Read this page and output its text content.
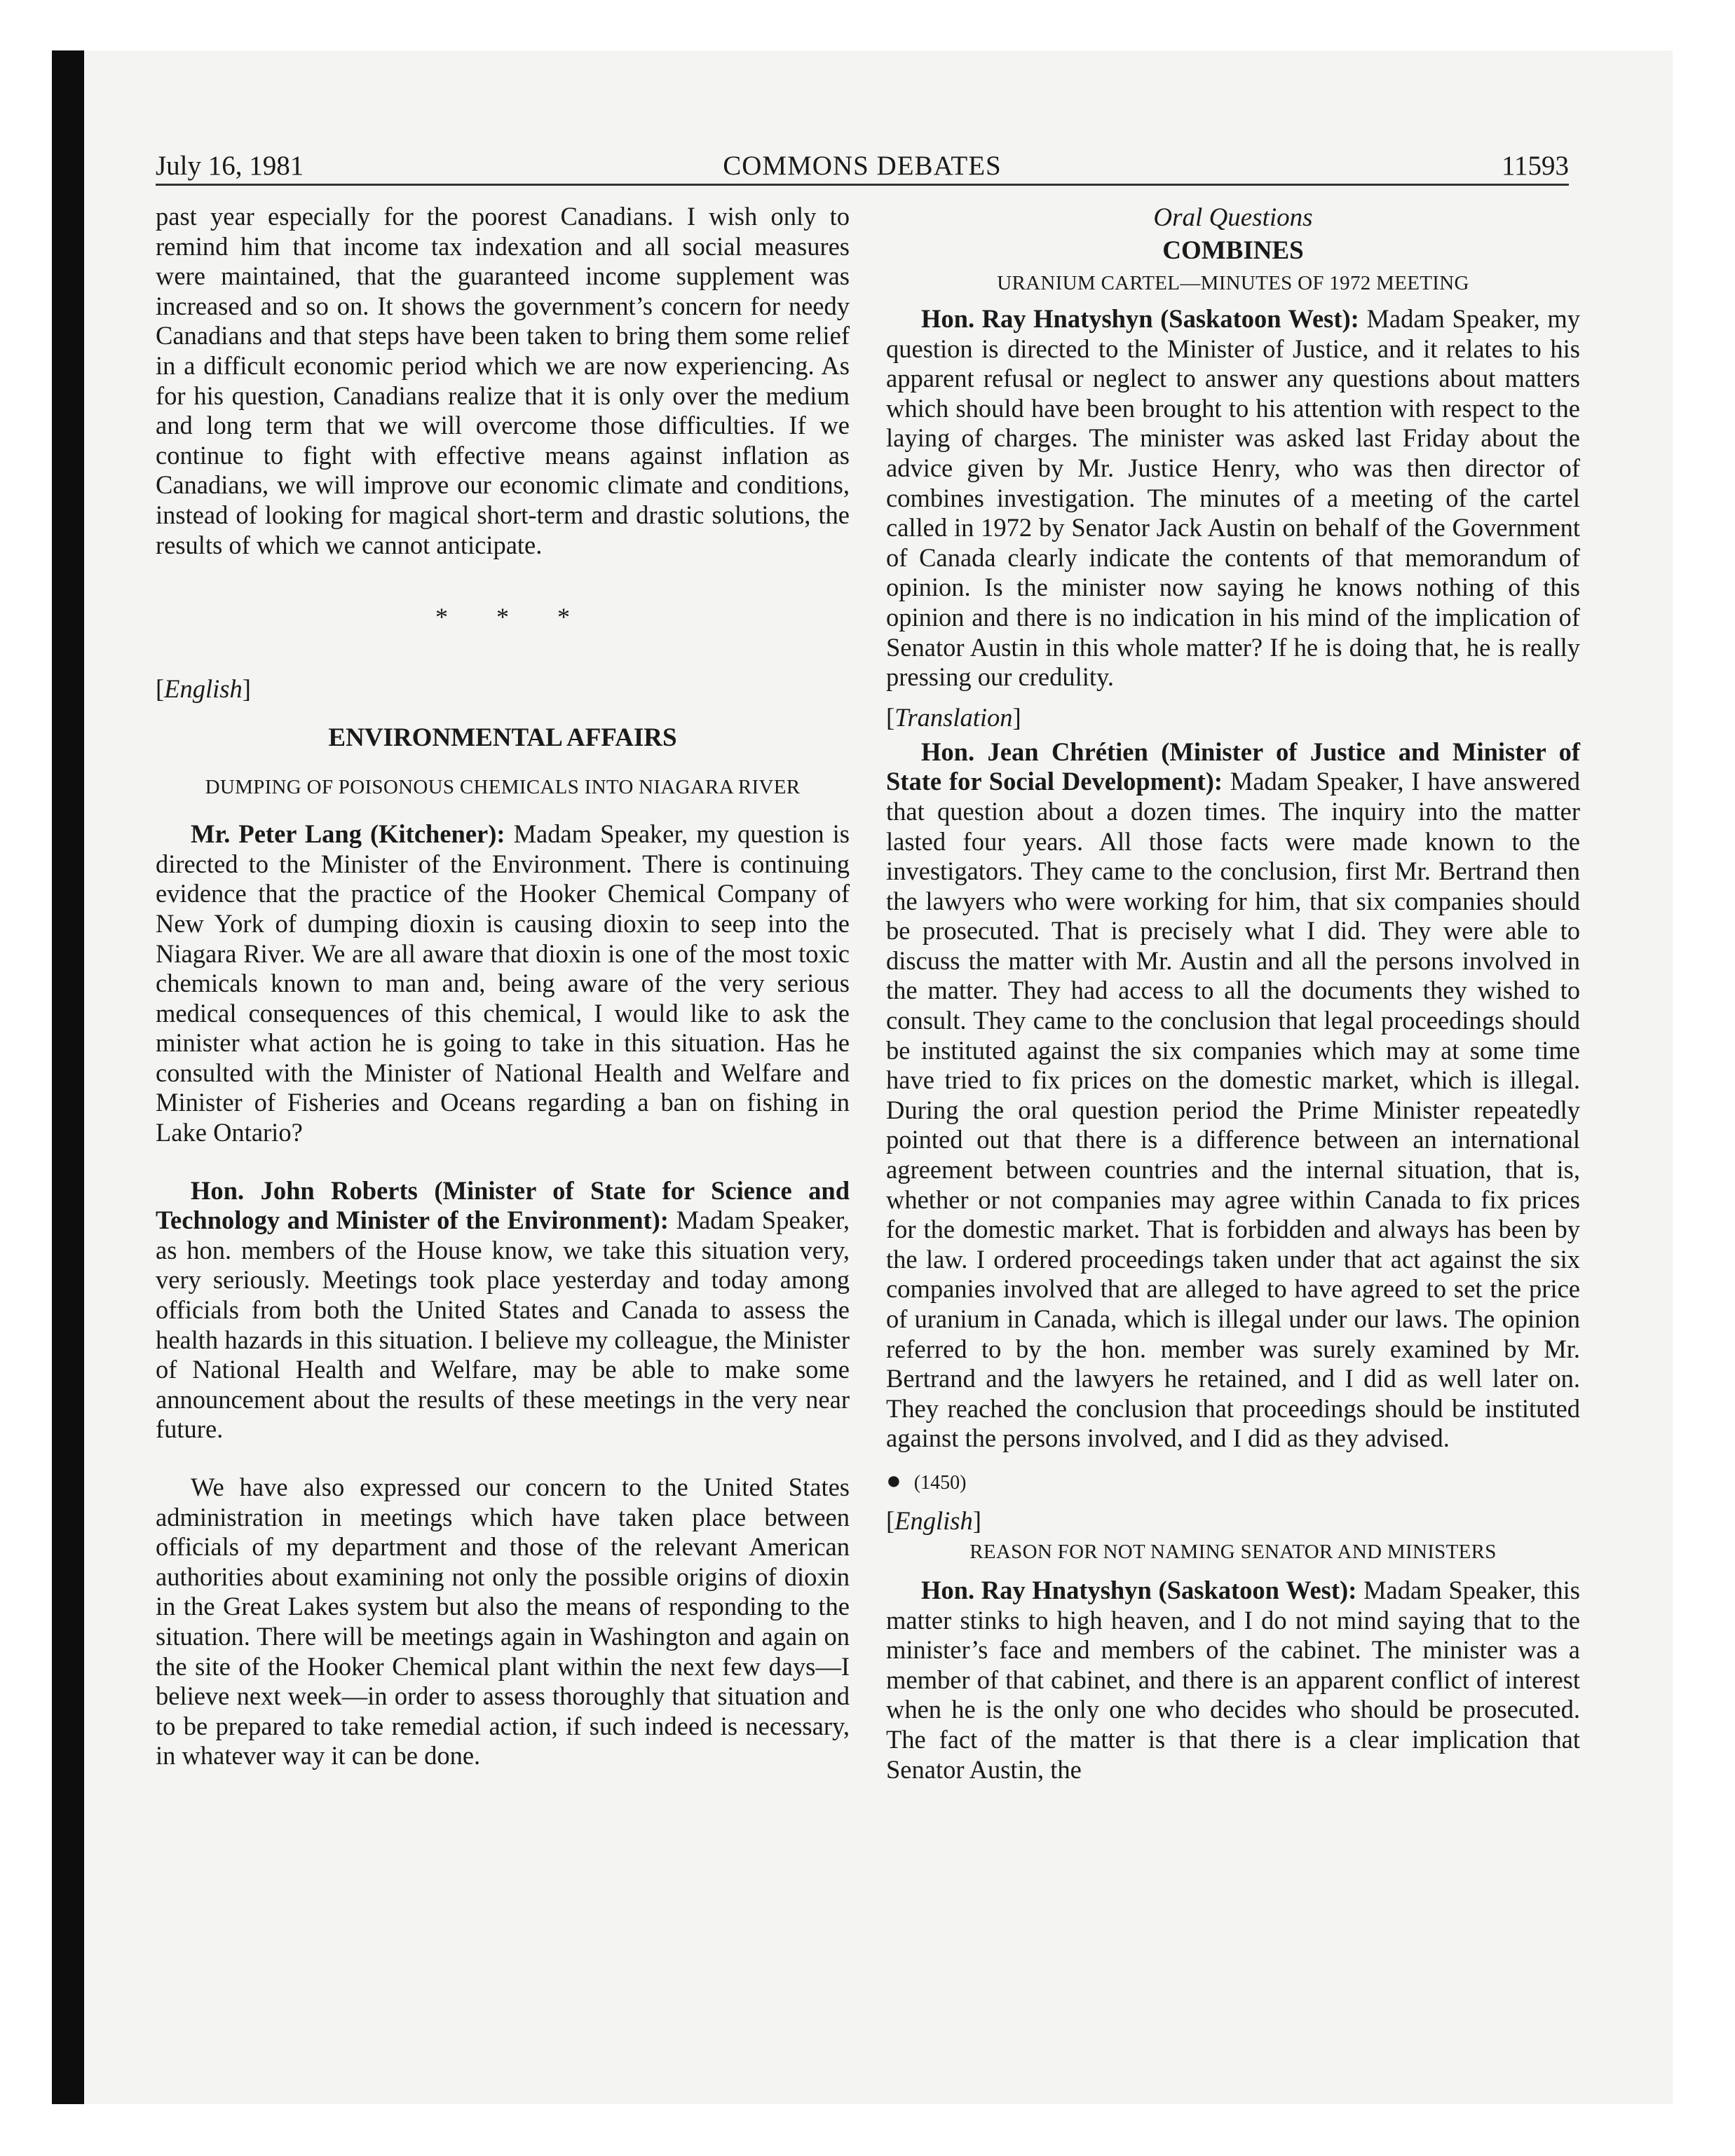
July 16, 1981	COMMONS DEBATES	11593

past year especially for the poorest Canadians. I wish only to remind him that income tax indexation and all social measures were maintained, that the guaranteed income supplement was increased and so on. It shows the government’s concern for needy Canadians and that steps have been taken to bring them some relief in a difficult economic period which we are now experiencing. As for his question, Canadians realize that it is only over the medium and long term that we will overcome those difficulties. If we continue to fight with effective means against inflation as Canadians, we will improve our economic climate and conditions, instead of looking for magical short-term and drastic solutions, the results of which we cannot anticipate.

* * *
[English]
ENVIRONMENTAL AFFAIRS
DUMPING OF POISONOUS CHEMICALS INTO NIAGARA RIVER

Mr. Peter Lang (Kitchener): Madam Speaker, my question is directed to the Minister of the Environment. There is continuing evidence that the practice of the Hooker Chemical Company of New York of dumping dioxin is causing dioxin to seep into the Niagara River. We are all aware that dioxin is one of the most toxic chemicals known to man and, being aware of the very serious medical consequences of this chemical, I would like to ask the minister what action he is going to take in this situation. Has he consulted with the Minister of National Health and Welfare and Minister of Fisheries and Oceans regarding a ban on fishing in Lake Ontario?

Hon. John Roberts (Minister of State for Science and Technology and Minister of the Environment): Madam Speaker, as hon. members of the House know, we take this situation very, very seriously. Meetings took place yesterday and today among officials from both the United States and Canada to assess the health hazards in this situation. I believe my colleague, the Minister of National Health and Welfare, may be able to make some announcement about the results of these meetings in the very near future.

We have also expressed our concern to the United States administration in meetings which have taken place between officials of my department and those of the relevant American authorities about examining not only the possible origins of dioxin in the Great Lakes system but also the means of responding to the situation. There will be meetings again in Washington and again on the site of the Hooker Chemical plant within the next few days—I believe next week—in order to assess thoroughly that situation and to be prepared to take remedial action, if such indeed is necessary, in whatever way it can be done.

Oral Questions
COMBINES
URANIUM CARTEL—MINUTES OF 1972 MEETING

Hon. Ray Hnatyshyn (Saskatoon West): Madam Speaker, my question is directed to the Minister of Justice, and it relates to his apparent refusal or neglect to answer any questions about matters which should have been brought to his attention with respect to the laying of charges. The minister was asked last Friday about the advice given by Mr. Justice Henry, who was then director of combines investigation. The minutes of a meeting of the cartel called in 1972 by Senator Jack Austin on behalf of the Government of Canada clearly indicate the contents of that memorandum of opinion. Is the minister now saying he knows nothing of this opinion and there is no indication in his mind of the implication of Senator Austin in this whole matter? If he is doing that, he is really pressing our credulity.

[Translation]

Hon. Jean Chrétien (Minister of Justice and Minister of State for Social Development): Madam Speaker, I have answered that question about a dozen times. The inquiry into the matter lasted four years. All those facts were made known to the investigators. They came to the conclusion, first Mr. Bertrand then the lawyers who were working for him, that six companies should be prosecuted. That is precisely what I did. They were able to discuss the matter with Mr. Austin and all the persons involved in the matter. They had access to all the documents they wished to consult. They came to the conclusion that legal proceedings should be instituted against the six companies which may at some time have tried to fix prices on the domestic market, which is illegal. During the oral question period the Prime Minister repeatedly pointed out that there is a difference between an international agreement between countries and the internal situation, that is, whether or not companies may agree within Canada to fix prices for the domestic market. That is forbidden and always has been by the law. I ordered proceedings taken under that act against the six companies involved that are alleged to have agreed to set the price of uranium in Canada, which is illegal under our laws. The opinion referred to by the hon. member was surely examined by Mr. Bertrand and the lawyers he retained, and I did as well later on. They reached the conclusion that proceedings should be instituted against the persons involved, and I did as they advised.

● (1450)
[English]
REASON FOR NOT NAMING SENATOR AND MINISTERS

Hon. Ray Hnatyshyn (Saskatoon West): Madam Speaker, this matter stinks to high heaven, and I do not mind saying that to the minister’s face and members of the cabinet. The minister was a member of that cabinet, and there is an apparent conflict of interest when he is the only one who decides who should be prosecuted. The fact of the matter is that there is a clear implication that Senator Austin, the
